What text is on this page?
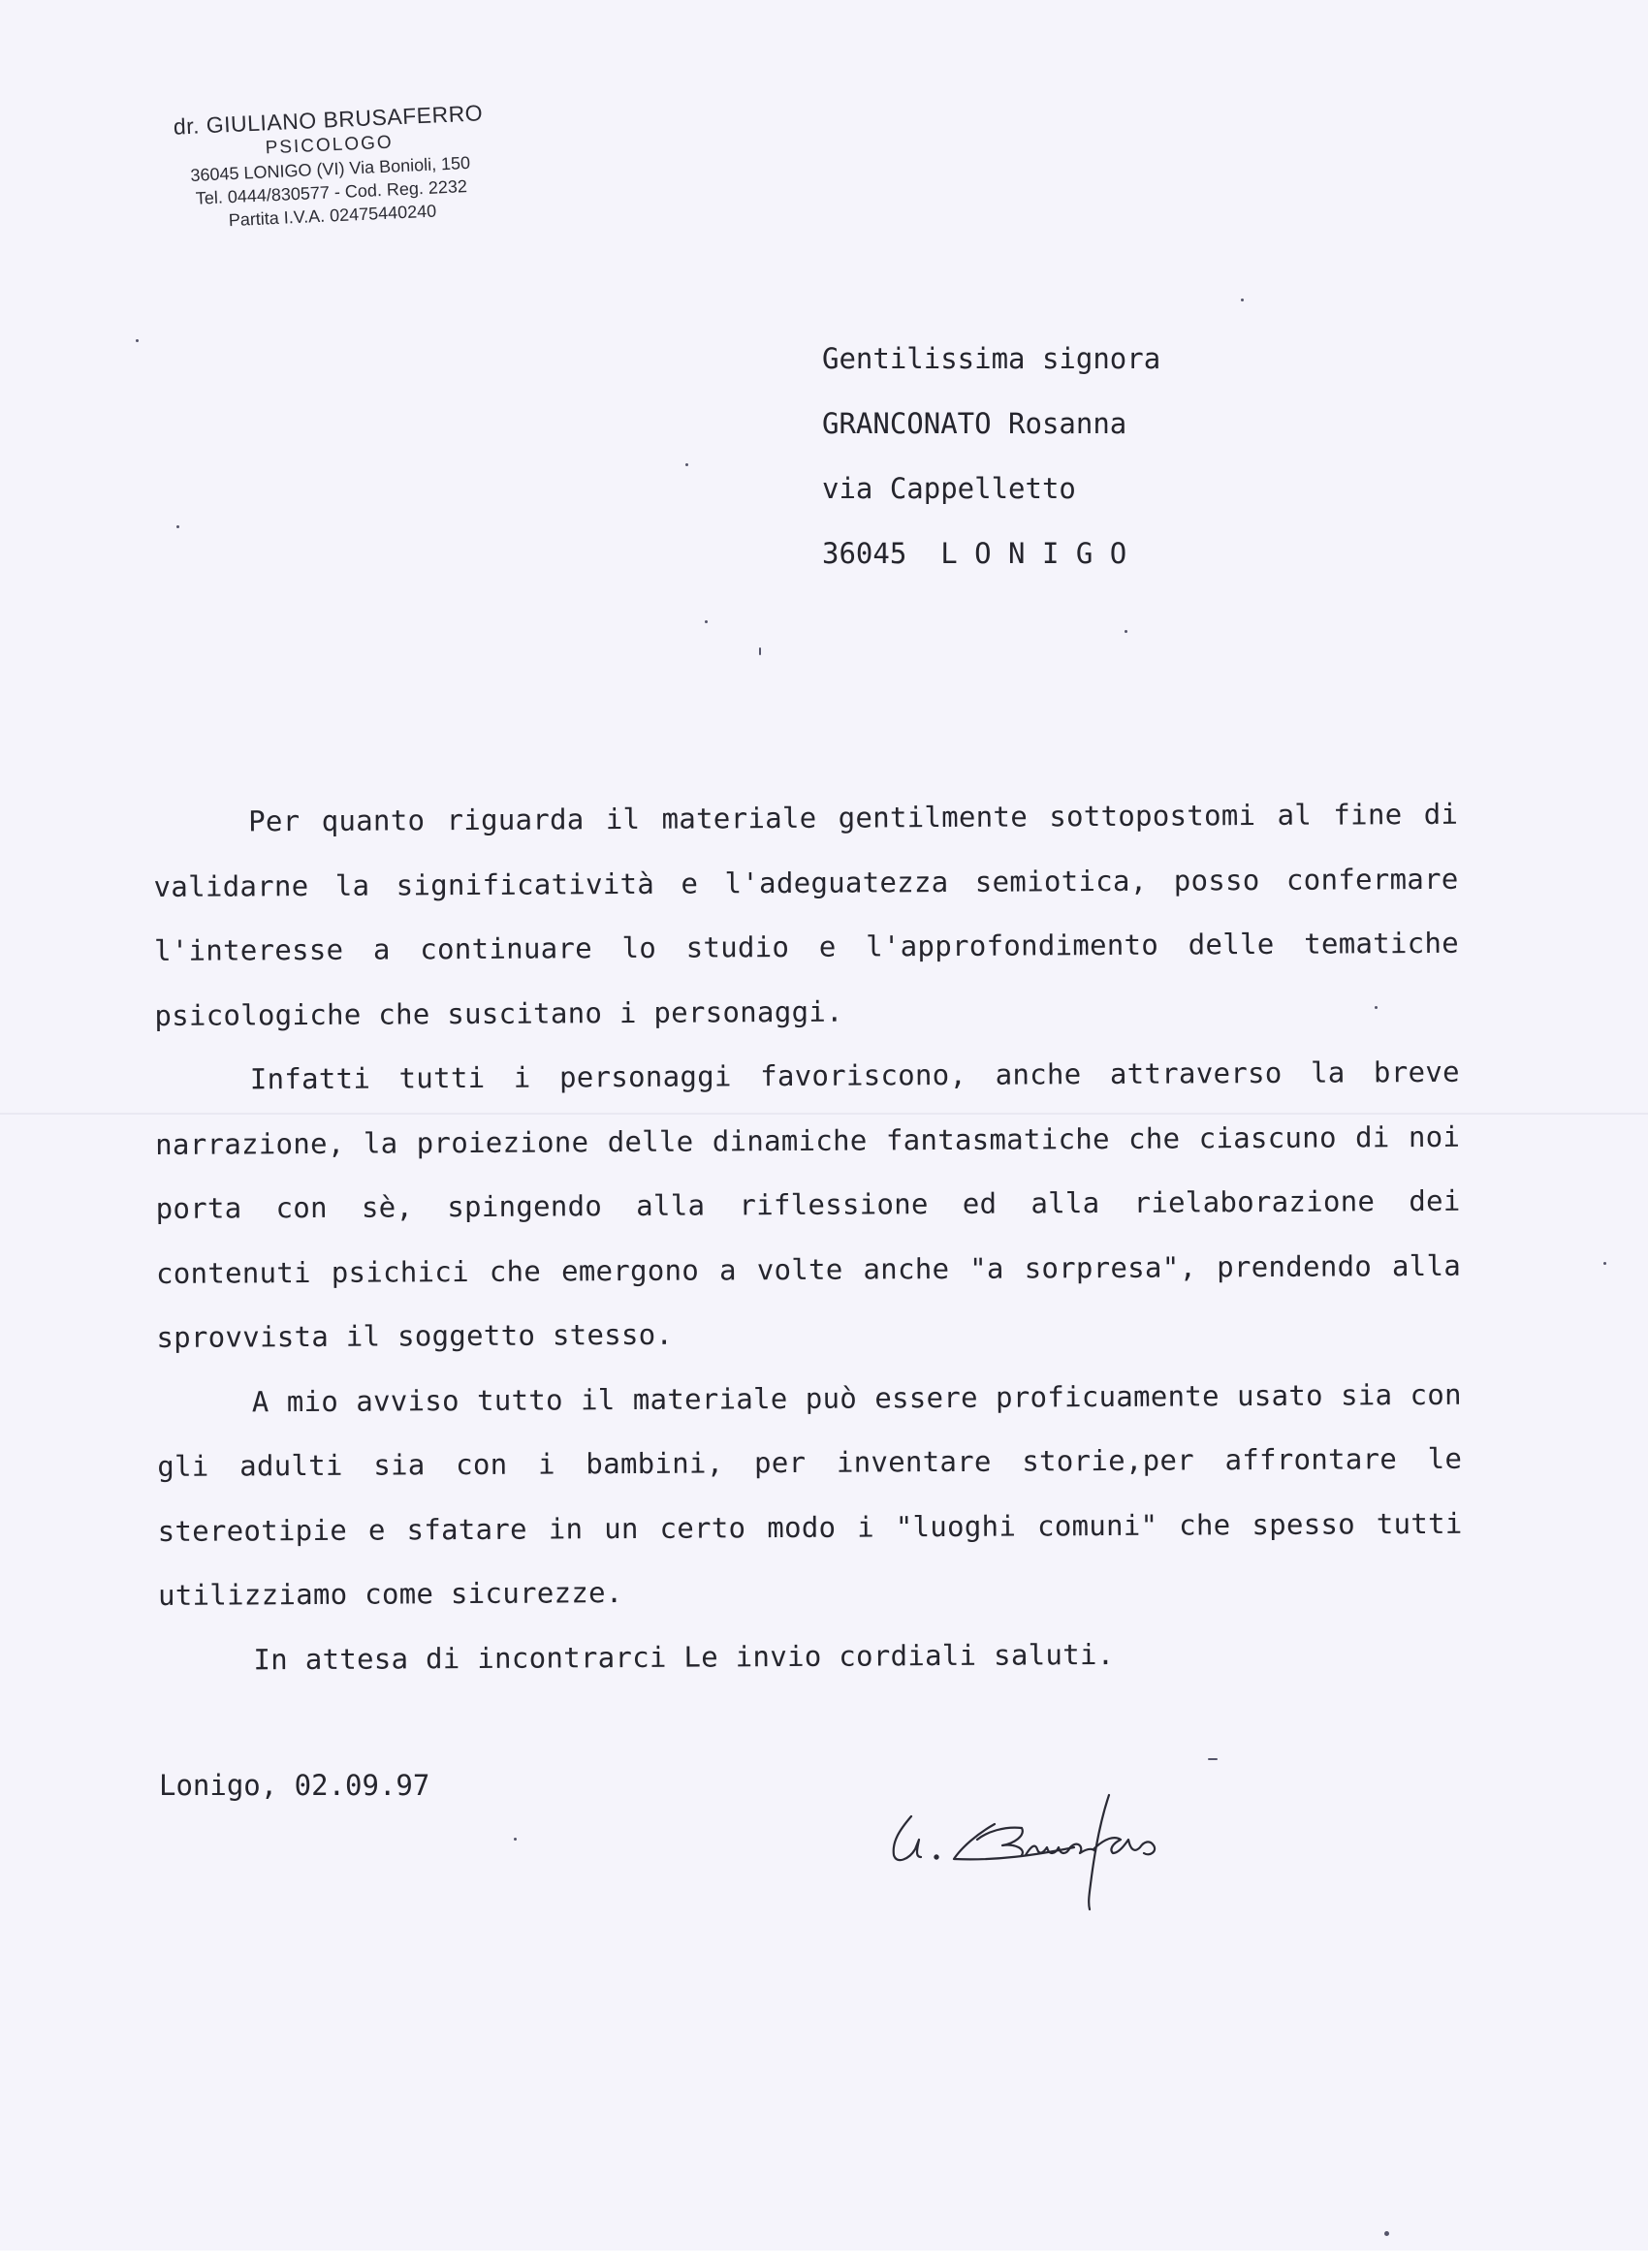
dr. GIULIANO BRUSAFERRO
PSICOLOGO
36045 LONIGO (VI) Via Bonioli, 150
Tel. 0444/830577 - Cod. Reg. 2232
Partita I.V.A. 02475440240
Gentilissima signora
GRANCONATO Rosanna
via Cappelletto
36045  L O N I G O

Per quanto riguarda il materiale gentilmente sottopostomi al fine di validarne la significatività e l'adeguatezza semiotica, posso confermare l'interesse a continuare lo studio e l'approfondimento delle tematiche psicologiche che suscitano i personaggi.

Infatti tutti i personaggi favoriscono, anche attraverso la breve narrazione, la proiezione delle dinamiche fantasmatiche che ciascuno di noi porta con sè, spingendo alla riflessione ed alla rielaborazione dei contenuti psichici che emergono a volte anche "a sorpresa", prendendo alla sprovvista il soggetto stesso.

A mio avviso tutto il materiale può essere proficuamente usato sia con gli adulti sia con i bambini, per inventare storie,per affrontare le stereotipie e sfatare in un certo modo i "luoghi comuni" che spesso tutti utilizziamo come sicurezze.

In attesa di incontrarci Le invio cordiali saluti.

Lonigo, 02.09.97
